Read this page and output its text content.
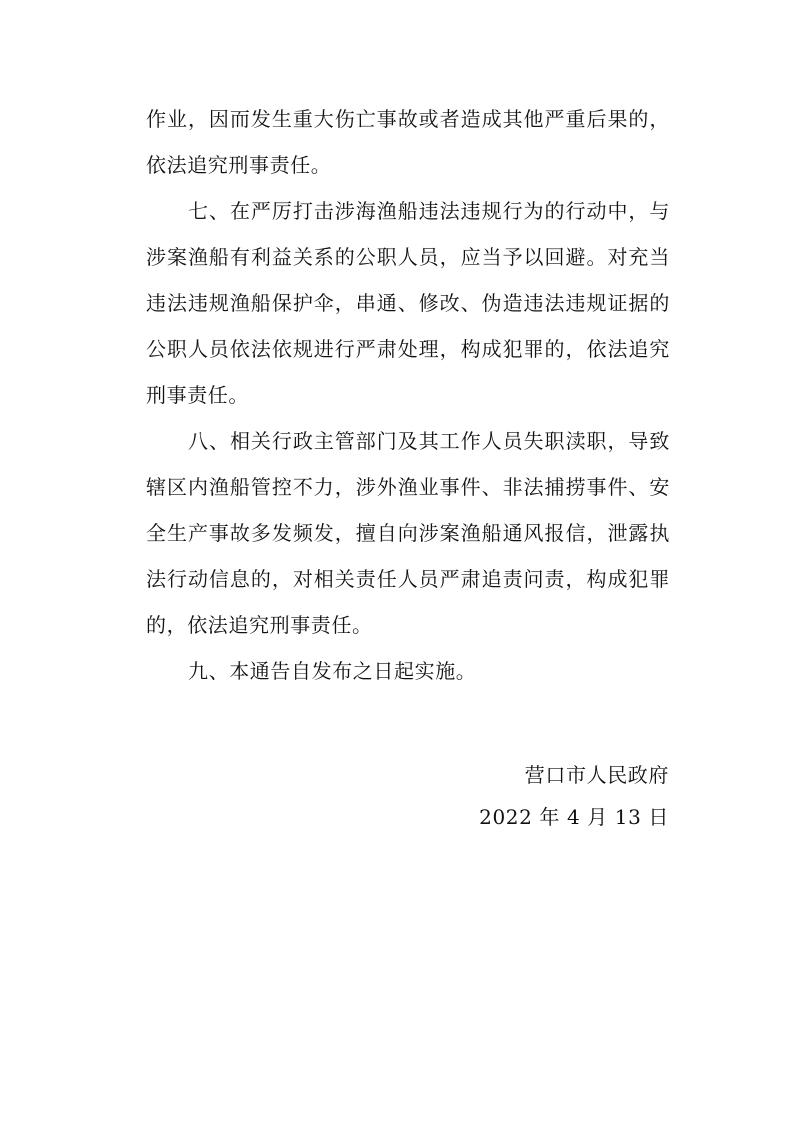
作业，因而发生重大伤亡事故或者造成其他严重后果的，依法追究刑事责任。

七、在严厉打击涉海渔船违法违规行为的行动中，与涉案渔船有利益关系的公职人员，应当予以回避。对充当违法违规渔船保护伞，串通、修改、伪造违法违规证据的公职人员依法依规进行严肃处理，构成犯罪的，依法追究刑事责任。

八、相关行政主管部门及其工作人员失职渎职，导致辖区内渔船管控不力，涉外渔业事件、非法捕捞事件、安全生产事故多发频发，擅自向涉案渔船通风报信，泄露执法行动信息的，对相关责任人员严肃追责问责，构成犯罪的，依法追究刑事责任。

九、本通告自发布之日起实施。

营口市人民政府
2022 年 4 月 13 日
